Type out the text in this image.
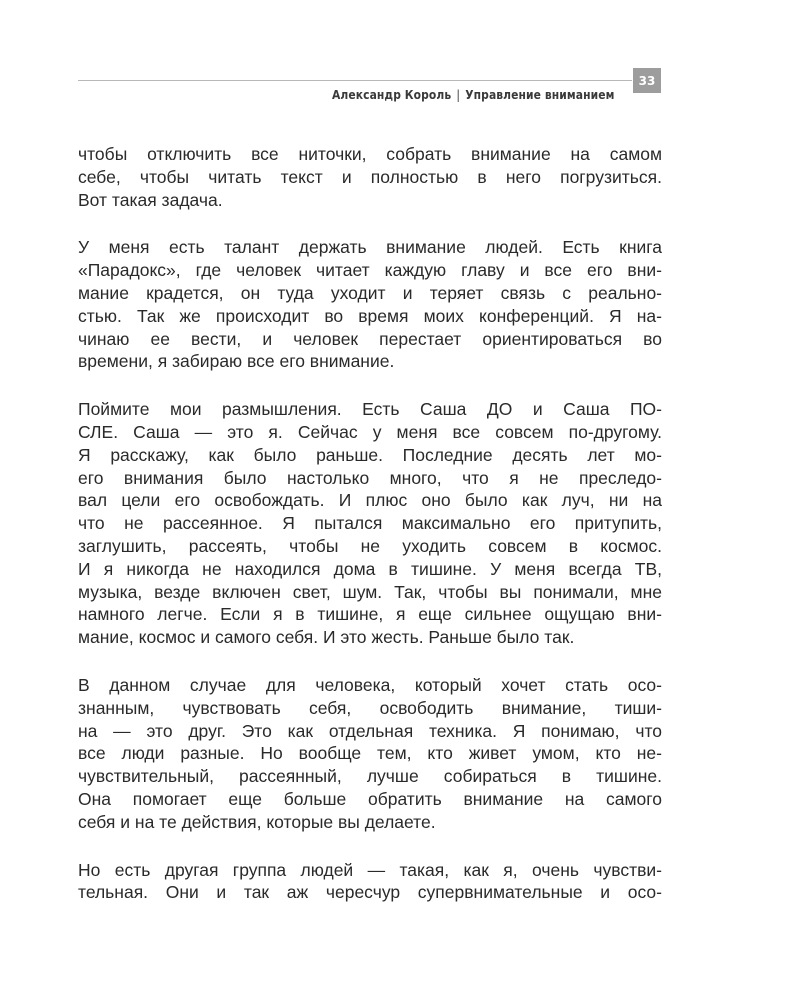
33
Александр Король | Управление вниманием
чтобы отключить все ниточки, собрать внимание на самом
себе, чтобы читать текст и полностью в него погрузиться.
Вот такая задача.
У меня есть талант держать внимание людей. Есть книга
«Парадокс», где человек читает каждую главу и все его вни-
мание крадется, он туда уходит и теряет связь с реально-
стью. Так же происходит во время моих конференций. Я на-
чинаю ее вести, и человек перестает ориентироваться во
времени, я забираю все его внимание.
Поймите мои размышления. Есть Саша ДО и Саша ПО-
СЛЕ. Саша — это я. Сейчас у меня все совсем по-другому.
Я расскажу, как было раньше. Последние десять лет мо-
его внимания было настолько много, что я не преследо-
вал цели его освобождать. И плюс оно было как луч, ни на
что не рассеянное. Я пытался максимально его притупить,
заглушить, рассеять, чтобы не уходить совсем в космос.
И я никогда не находился дома в тишине. У меня всегда ТВ,
музыка, везде включен свет, шум. Так, чтобы вы понимали, мне
намного легче. Если я в тишине, я еще сильнее ощущаю вни-
мание, космос и самого себя. И это жесть. Раньше было так.
В данном случае для человека, который хочет стать осо-
знанным, чувствовать себя, освободить внимание, тиши-
на — это друг. Это как отдельная техника. Я понимаю, что
все люди разные. Но вообще тем, кто живет умом, кто не-
чувствительный, рассеянный, лучше собираться в тишине.
Она помогает еще больше обратить внимание на самого
себя и на те действия, которые вы делаете.
Но есть другая группа людей — такая, как я, очень чувстви-
тельная. Они и так аж чересчур супервнимательные и осо-
